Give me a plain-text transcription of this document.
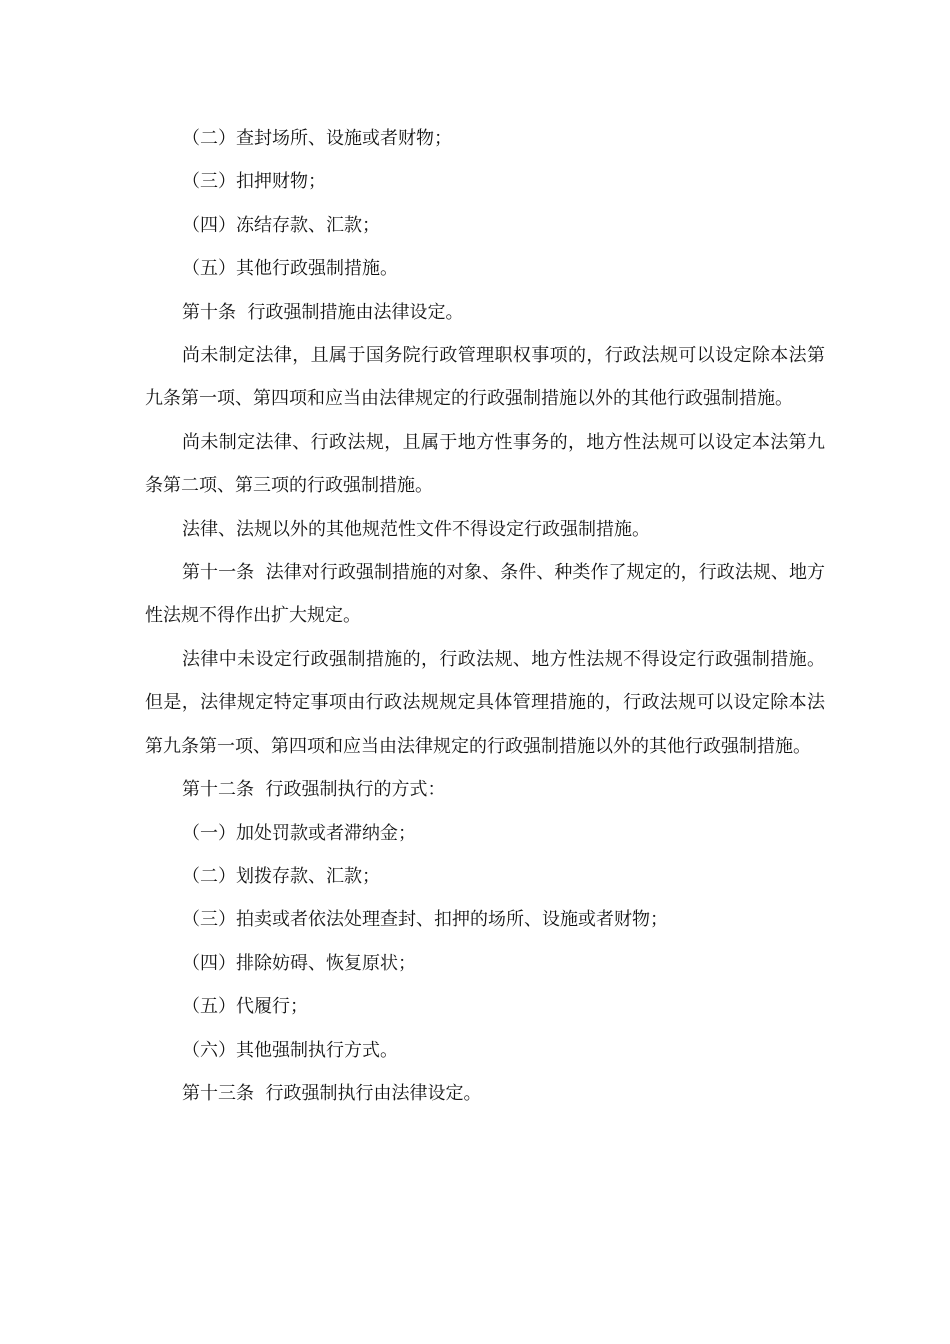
（二）查封场所、设施或者财物；

（三）扣押财物；

（四）冻结存款、汇款；

（五）其他行政强制措施。

第十条  行政强制措施由法律设定。

尚未制定法律，且属于国务院行政管理职权事项的，行政法规可以设定除本法第九条第一项、第四项和应当由法律规定的行政强制措施以外的其他行政强制措施。

尚未制定法律、行政法规，且属于地方性事务的，地方性法规可以设定本法第九条第二项、第三项的行政强制措施。

法律、法规以外的其他规范性文件不得设定行政强制措施。

第十一条  法律对行政强制措施的对象、条件、种类作了规定的，行政法规、地方性法规不得作出扩大规定。

法律中未设定行政强制措施的，行政法规、地方性法规不得设定行政强制措施。但是，法律规定特定事项由行政法规规定具体管理措施的，行政法规可以设定除本法第九条第一项、第四项和应当由法律规定的行政强制措施以外的其他行政强制措施。

第十二条  行政强制执行的方式：

（一）加处罚款或者滞纳金；

（二）划拨存款、汇款；

（三）拍卖或者依法处理查封、扣押的场所、设施或者财物；

（四）排除妨碍、恢复原状；

（五）代履行；

（六）其他强制执行方式。

第十三条  行政强制执行由法律设定。
